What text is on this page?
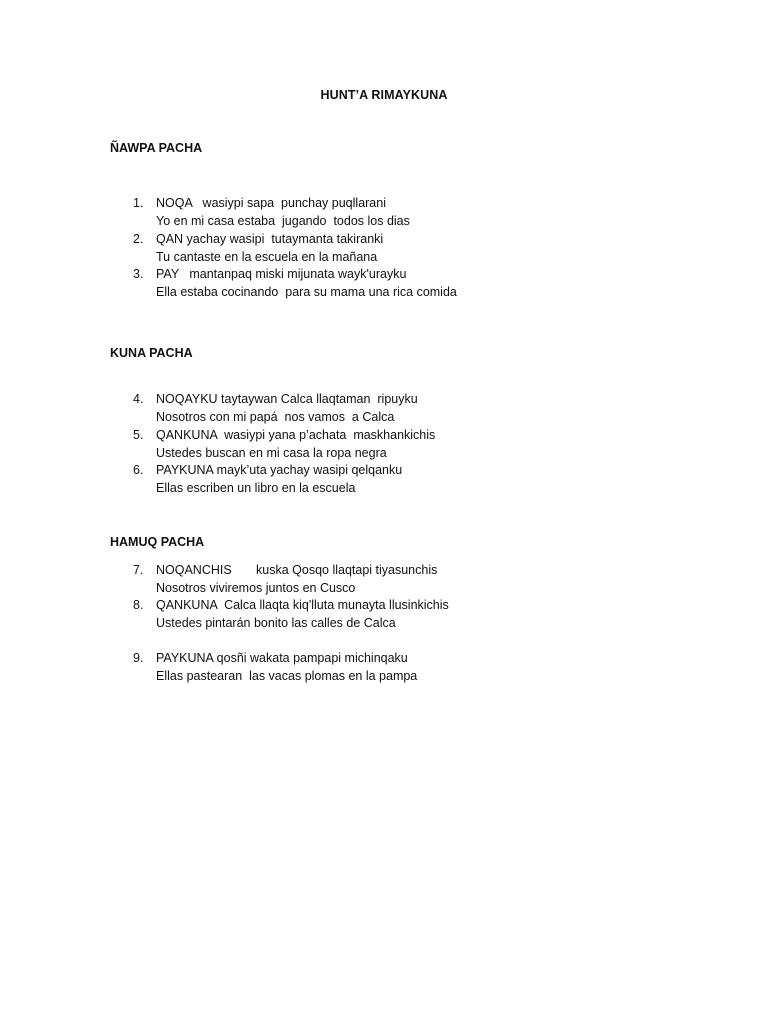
HUNT’A RIMAYKUNA
ÑAWPA PACHA
1. NOQA   wasiypi sapa  punchay puqllarani
Yo en mi casa estaba  jugando  todos los dias
2. QAN yachay wasipi  tutaymanta takiranki
Tu cantaste en la escuela en la mañana
3. PAY   mantanpaq miski mijunata wayk'urayku
Ella estaba cocinando  para su mama una rica comida
KUNA PACHA
4. NOQAYKU taytaywan Calca llaqtaman  ripuyku
Nosotros con mi papá  nos vamos  a Calca
5. QANKUNA  wasiypi yana p’achata  maskhankichis
Ustedes buscan en mi casa la ropa negra
6. PAYKUNA mayk’uta yachay wasipi qelqanku
Ellas escriben un libro en la escuela
HAMUQ PACHA
7. NOQANCHIS       kuska Qosqo llaqtapi tiyasunchis
Nosotros viviremos juntos en Cusco
8. QANKUNA  Calca llaqta kiq'lluta munayta llusinkichis
Ustedes pintarán bonito las calles de Calca
9. PAYKUNA qosñi wakata pampapi michinqaku
Ellas pastearan  las vacas plomas en la pampa
